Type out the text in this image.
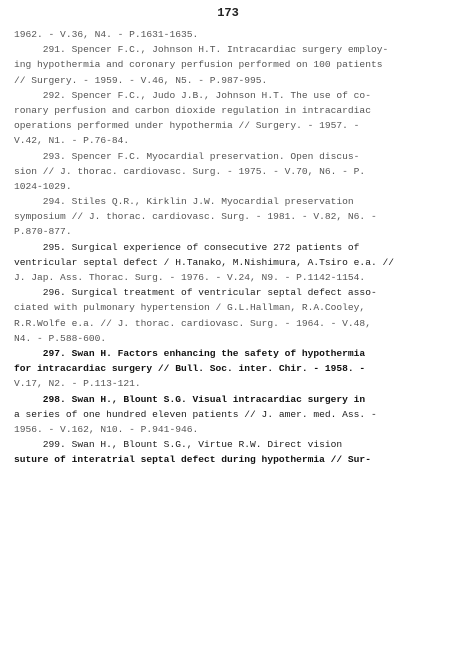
173
1962. - V.36, N4. - P.1631-1635.
291. Spencer F.C., Johnson H.T. Intracardiac surgery employ-
ing hypothermia and coronary perfusion performed on 100 patients
// Surgery. - 1959. - V.46, N5. - P.987-995.
292. Spencer F.C., Judo J.B., Johnson H.T. The use of co-
ronary perfusion and carbon dioxide regulation in intracardiac
operations performed under hypothermia // Surgery. - 1957. -
V.42, N1. - P.76-84.
293. Spencer F.C. Myocardial preservation. Open discus-
sion // J. thorac. cardiovasc. Surg. - 1975. - V.70, N6. - P.
1024-1029.
294. Stiles Q.R., Kirklin J.W. Myocardial preservation
symposium // J. thorac. cardiovasc. Surg. - 1981. - V.82, N6. -
P.870-877.
295. Surgical experience of consecutive 272 patients of
ventricular septal defect / H.Tanako, M.Nishimura, A.Tsiro e.a. //
J. Jap. Ass. Thorac. Surg. - 1976. - V.24, N9. - P.1142-1154.
296. Surgical treatment of ventricular septal defect asso-
ciated with pulmonary hypertension / G.L.Hallman, R.A.Cooley,
R.R.Wolfe e.a. // J. thorac. cardiovasc. Surg. - 1964. - V.48,
N4. - P.588-600.
297. Swan H. Factors enhancing the safety of hypothermia
for intracardiac surgery // Bull. Soc. inter. Chir. - 1958. -
V.17, N2. - P.113-121.
298. Swan H., Blount S.G. Visual intracardiac surgery in
a series of one hundred eleven patients // J. amer. med. Ass. -
1956. - V.162, N10. - P.941-946.
299. Swan H., Blount S.G., Virtue R.W. Direct vision
suture of interatrial septal defect during hypothermia // Sur-
